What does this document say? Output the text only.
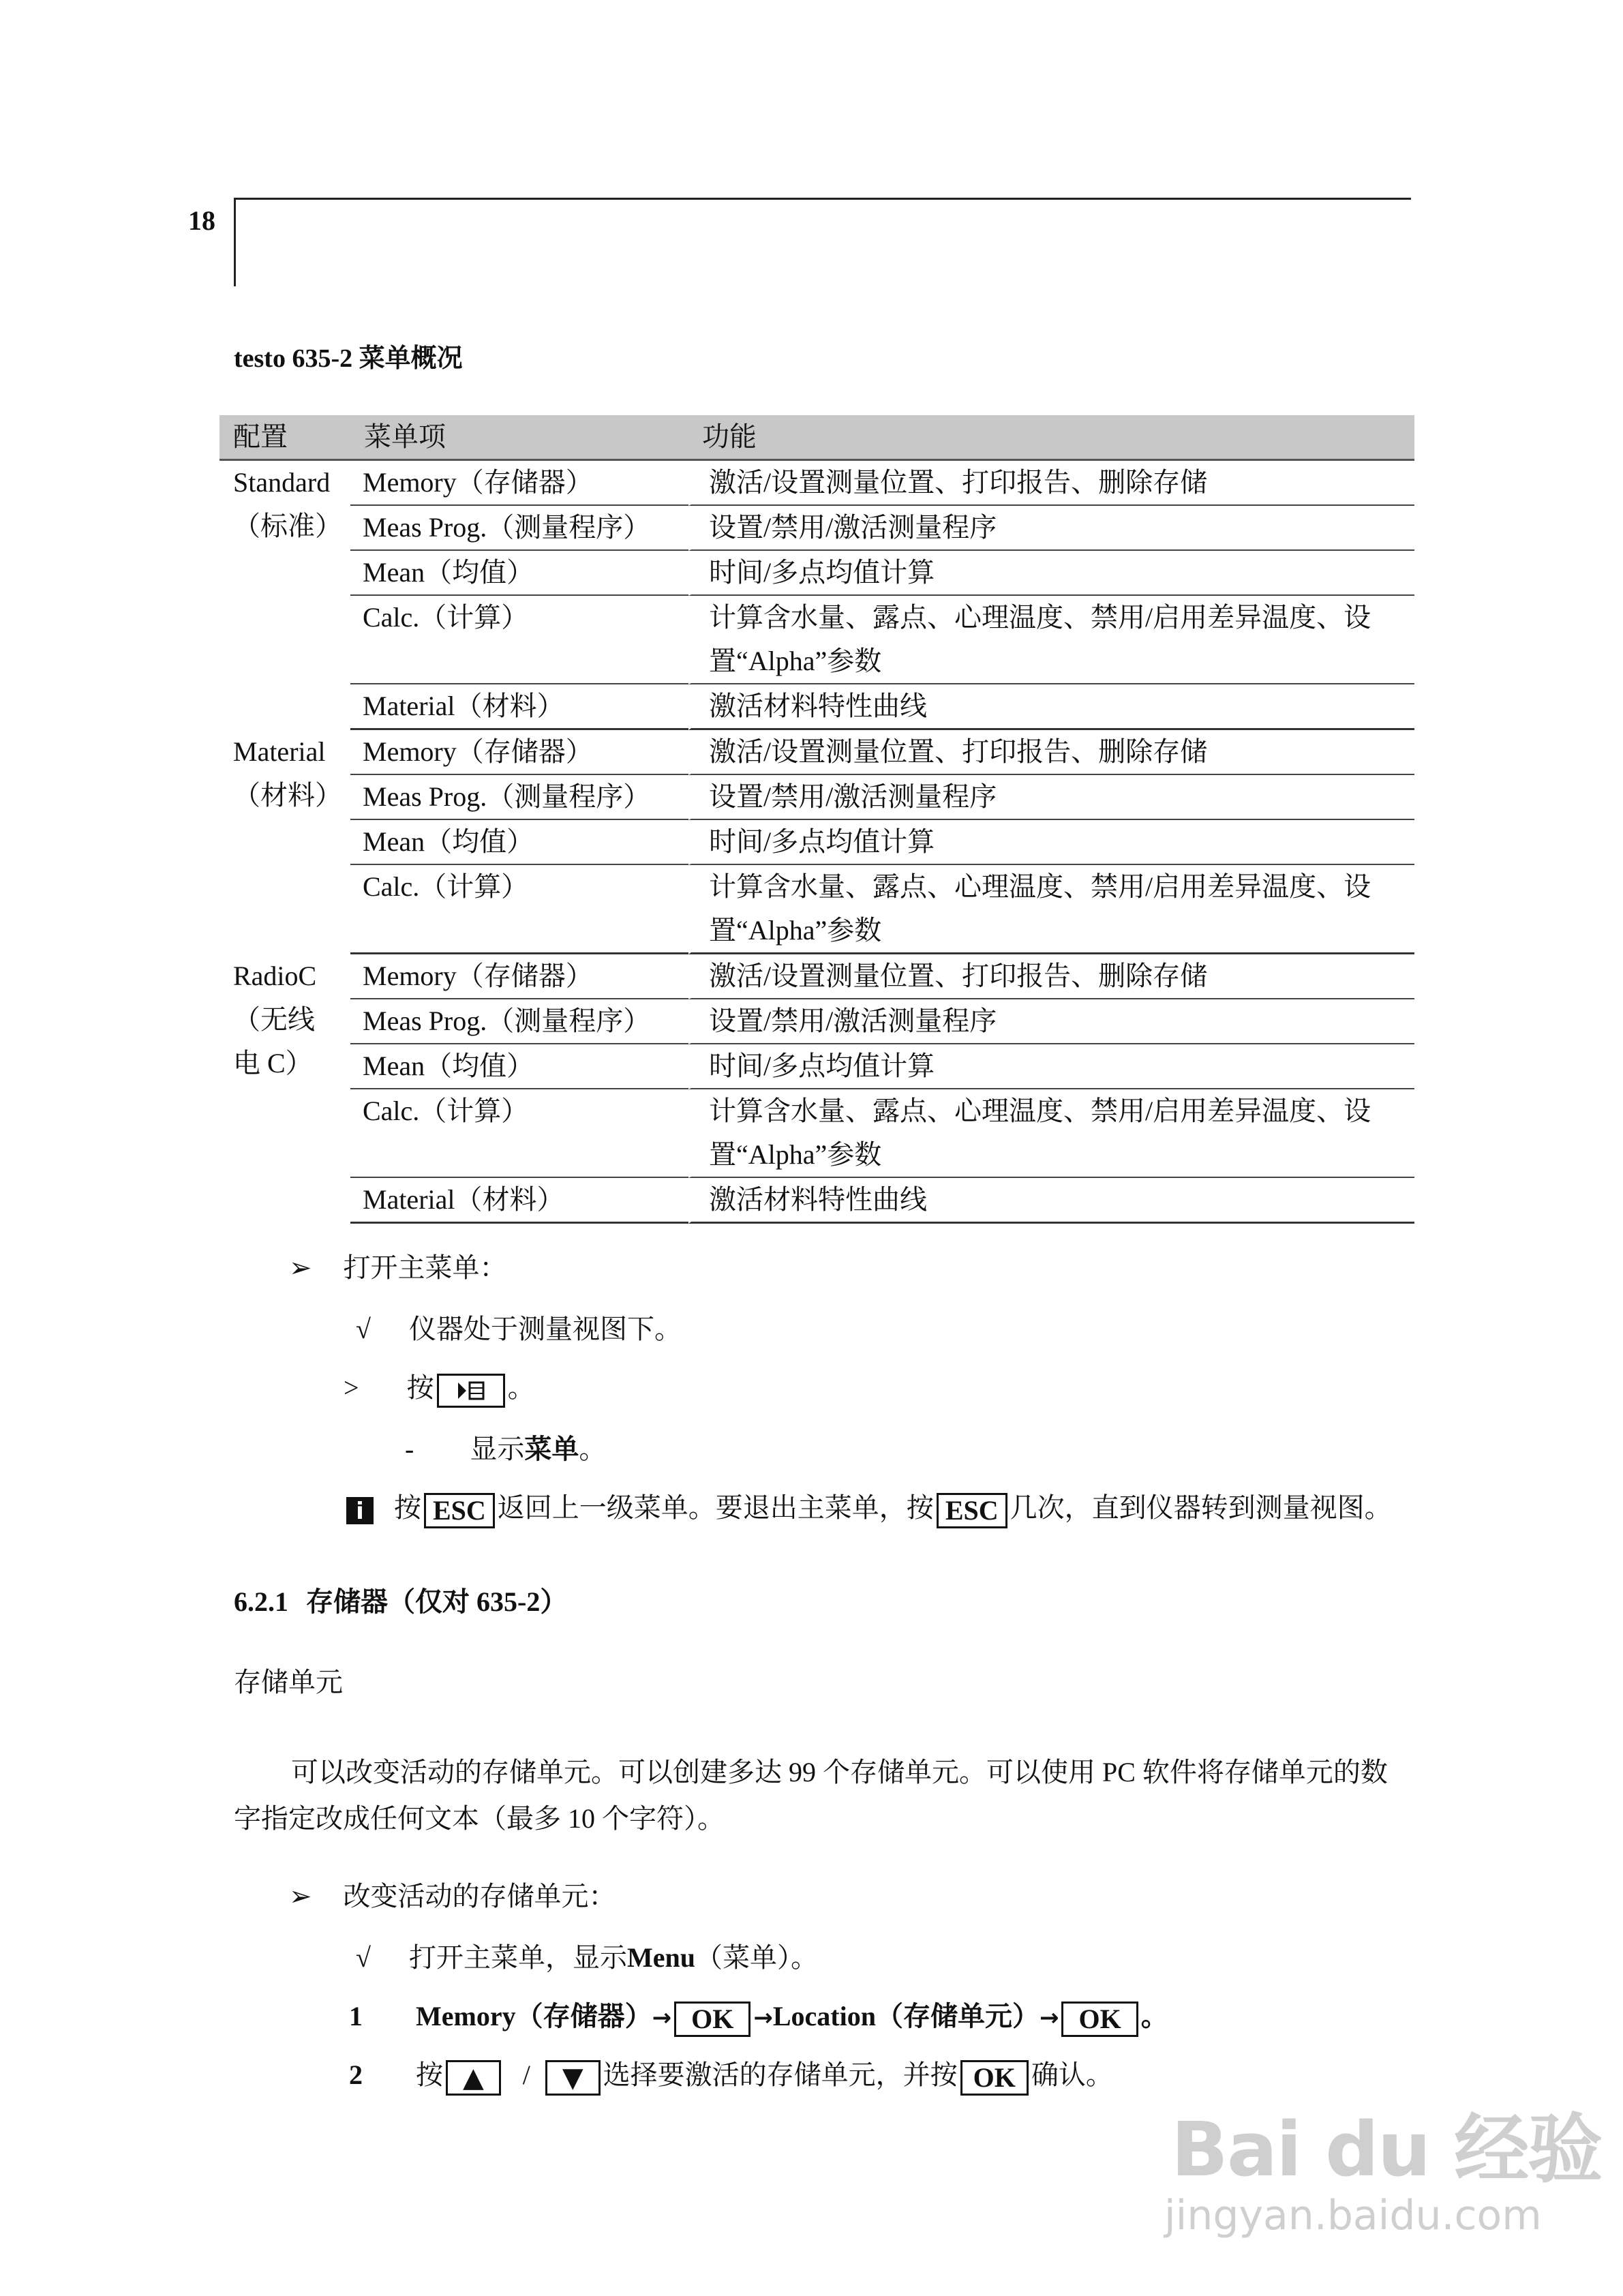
18
testo 635-2 菜单概况
配置	菜单项	功能

Standard
（标准）	Memory（存储器）	激活/设置测量位置、打印报告、删除存储

	Meas Prog.（测量程序）	设置/禁用/激活测量程序

	Mean（均值）	时间/多点均值计算

	Calc.（计算）	计算含水量、露点、心理温度、禁用/启用差异温度、设
置“Alpha”参数

	Material（材料）	激活材料特性曲线

Material
（材料）	Memory（存储器）	激活/设置测量位置、打印报告、删除存储

	Meas Prog.（测量程序）	设置/禁用/激活测量程序

	Mean（均值）	时间/多点均值计算

	Calc.（计算）	计算含水量、露点、心理温度、禁用/启用差异温度、设
置“Alpha”参数

RadioC
（无线
电 C）	Memory（存储器）	激活/设置测量位置、打印报告、删除存储

	Meas Prog.（测量程序）	设置/禁用/激活测量程序

	Mean（均值）	时间/多点均值计算

	Calc.（计算）	计算含水量、露点、心理温度、禁用/启用差异温度、设
置“Alpha”参数

	Material（材料）	激活材料特性曲线
➢ 打开主菜单：
√ 仪器处于测量视图下。
> 按	。
- 显示菜单。
i 按 ESC 返回上一级菜单。要退出主菜单，按 ESC 几次，直到仪器转到测量视图。
6.2.1 存储器（仅对 635-2）
存储单元
可以改变活动的存储单元。可以创建多达 99 个存储单元。可以使用 PC 软件将存储单元的数字指定改成任何文本（最多 10 个字符）。
➢ 改变活动的存储单元：
√ 打开主菜单，显示Menu（菜单）。
1 Memory（存储器）→ OK →Location（存储单元）→ OK 。
2 按 ▲ / ▼ 选择要激活的存储单元，并按 OK 确认。
Bai du 经验
jingyan.baidu.com
